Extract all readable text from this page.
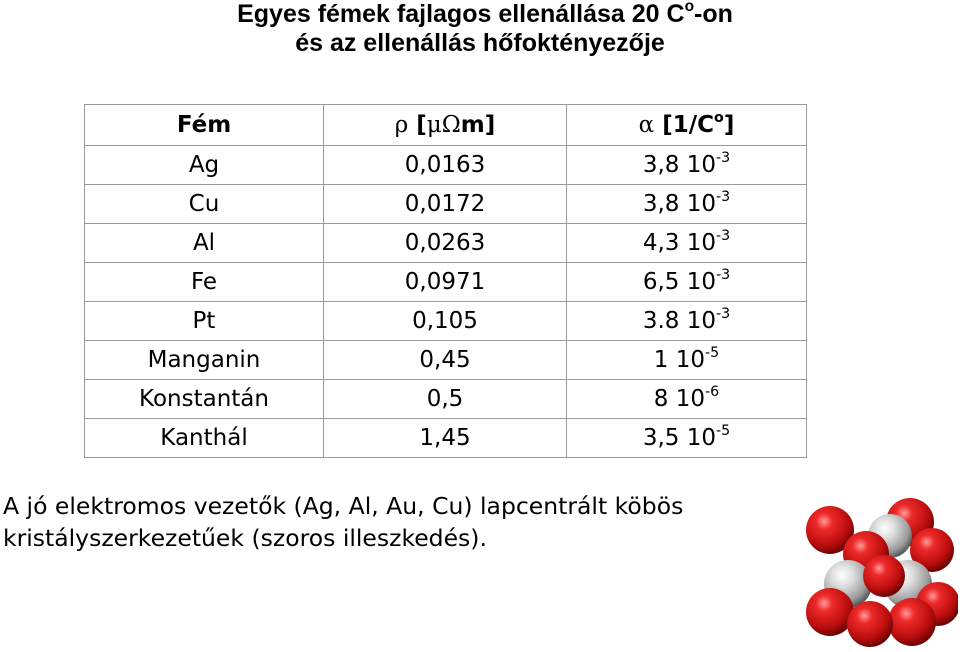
Egyes fémek fajlagos ellenállása 20 $C^o-on$
és az ellenállás hőfoktényezője
Fém	ρ [μΩm]	α $[1/C^o]$
Ag	0,0163	3,8 $10^{-3}$
Cu	0,0172	3,8 $10^{-3}$
Al	0,0263	4,3 $10^{-3}$
Fe	0,0971	6,5 $10^{-3}$
Pt	0,105	3.8 $10^{-3}$
Manganin	0,45	1 $10^{-5}$
Konstantán	0,5	8 $10^{-6}$
Kanthál	1,45	3,5 $10^{-5}$
A jó elektromos vezetők (Ag, Al, Au, Cu) lapcentrált köbös
kristályszerkezetűek (szoros illeszkedés).
